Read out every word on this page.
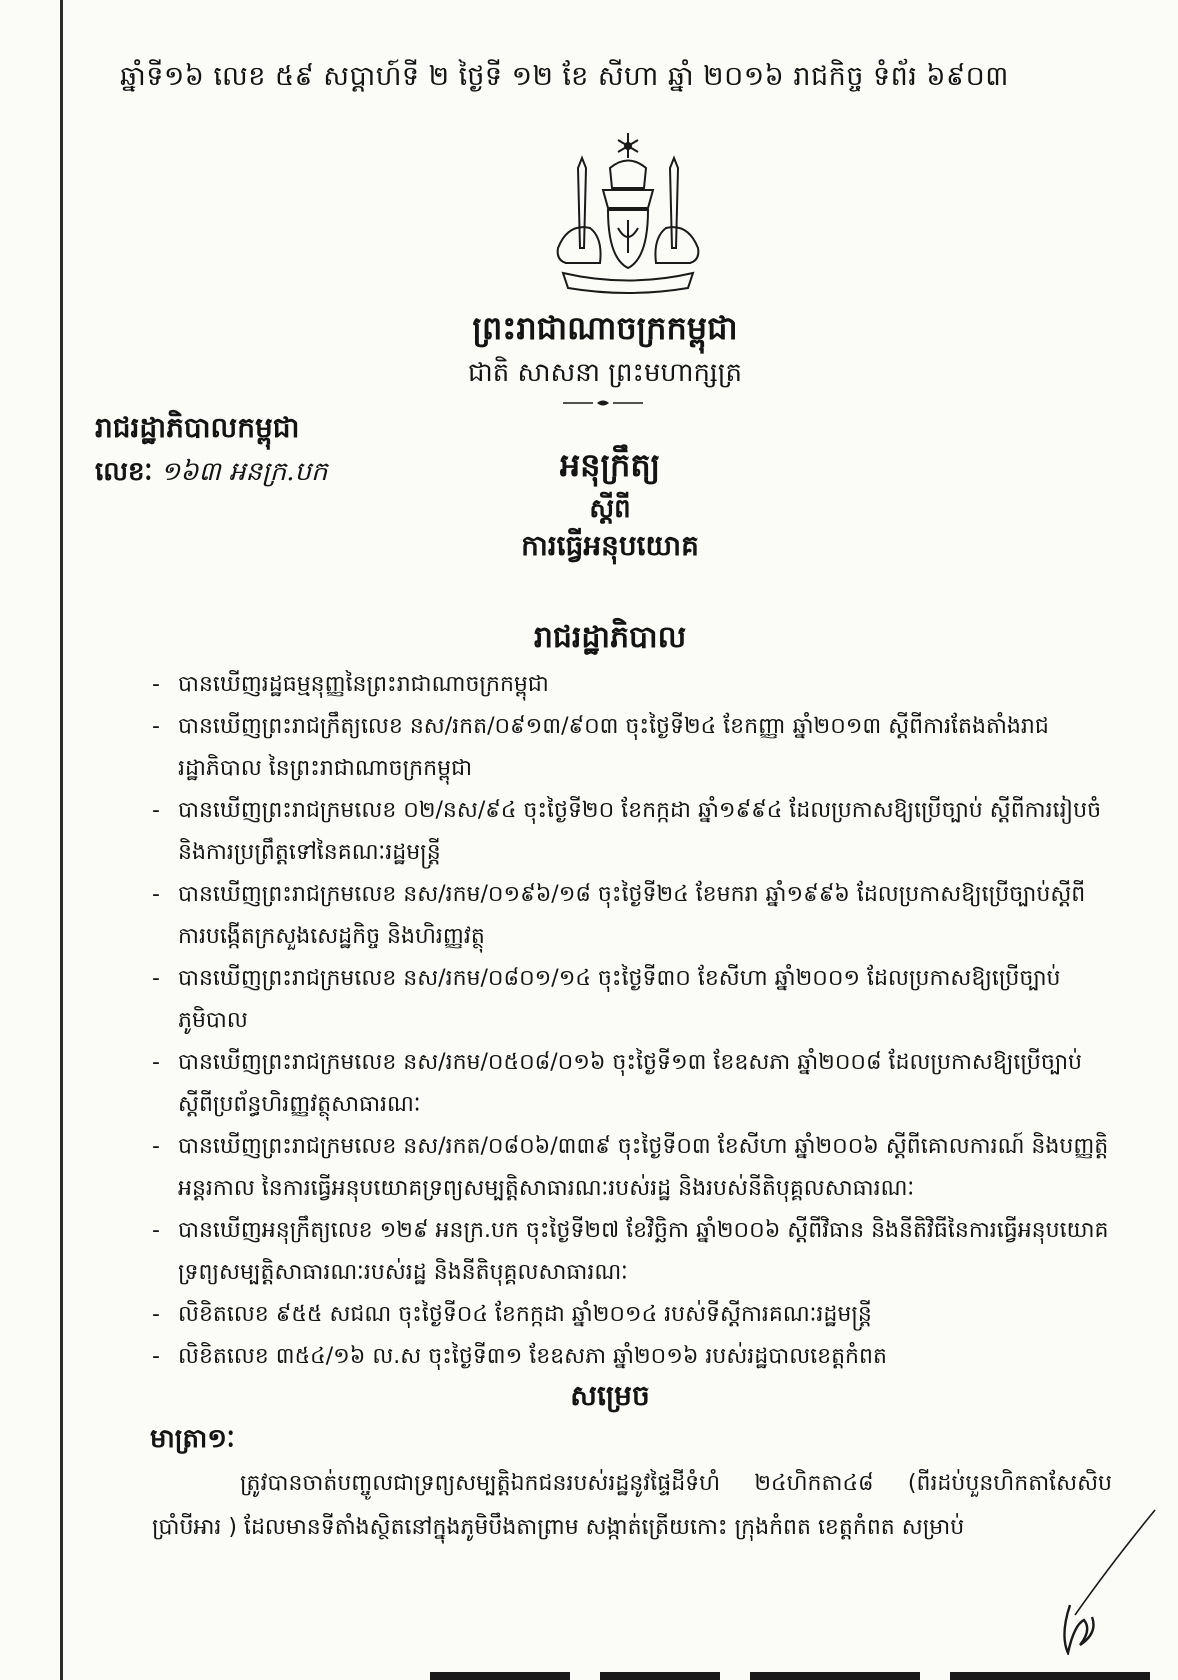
ឆ្នាំទី១៦ លេខ ៥៩ សប្តាហ៍ទី ២ ថ្ងៃទី ១២ ខែ សីហា ឆ្នាំ ២០១៦ រាជកិច្ច ទំព័រ ៦៩០៣
ព្រះរាជាណាចក្រកម្ពុជា
ជាតិ សាសនា ព្រះមហាក្សត្រ
រាជរដ្ឋាភិបាលកម្ពុជា
លេខៈ ១៦៣ អនក្រ.បក	អនុក្រឹត្យ
ស្តីពី
ការធ្វើអនុបយោគ
រាជរដ្ឋាភិបាល
- បានឃើញរដ្ឋធម្មនុញ្ញនៃព្រះរាជាណាចក្រកម្ពុជា
- បានឃើញព្រះរាជក្រឹត្យលេខ នស/រកត/០៩១៣/៩០៣ ចុះថ្ងៃទី២៤ ខែកញ្ញា ឆ្នាំ២០១៣ ស្តីពីការតែងតាំងរាជរដ្ឋាភិបាល នៃព្រះរាជាណាចក្រកម្ពុជា
- បានឃើញព្រះរាជក្រមលេខ ០២/នស/៩៤ ចុះថ្ងៃទី២០ ខែកក្កដា ឆ្នាំ១៩៩៤ ដែលប្រកាសឱ្យប្រើច្បាប់ ស្តីពីការរៀបចំ និងការប្រព្រឹត្តទៅនៃគណៈរដ្ឋមន្ត្រី
- បានឃើញព្រះរាជក្រមលេខ នស/រកម/០១៩៦/១៨ ចុះថ្ងៃទី២៤ ខែមករា ឆ្នាំ១៩៩៦ ដែលប្រកាសឱ្យប្រើច្បាប់ស្តីពីការបង្កើតក្រសួងសេដ្ឋកិច្ច និងហិរញ្ញវត្ថុ
- បានឃើញព្រះរាជក្រមលេខ នស/រកម/០៨០១/១៤ ចុះថ្ងៃទី៣០ ខែសីហា ឆ្នាំ២០០១ ដែលប្រកាសឱ្យប្រើច្បាប់ភូមិបាល
- បានឃើញព្រះរាជក្រមលេខ នស/រកម/០៥០៨/០១៦ ចុះថ្ងៃទី១៣ ខែឧសភា ឆ្នាំ២០០៨ ដែលប្រកាសឱ្យប្រើច្បាប់ស្តីពីប្រព័ន្ធហិរញ្ញវត្ថុសាធារណៈ
- បានឃើញព្រះរាជក្រមលេខ នស/រកត/០៨០៦/៣៣៩ ចុះថ្ងៃទី០៣ ខែសីហា ឆ្នាំ២០០៦ ស្តីពីគោលការណ៍ និងបញ្ញត្តិអន្តរកាល នៃការធ្វើអនុបយោគទ្រព្យសម្បត្តិសាធារណៈរបស់រដ្ឋ និងរបស់នីតិបុគ្គលសាធារណៈ
- បានឃើញអនុក្រឹត្យលេខ ១២៩ អនក្រ.បក ចុះថ្ងៃទី២៧ ខែវិច្ឆិកា ឆ្នាំ២០០៦ ស្តីពីវិធាន និងនីតិវិធីនៃការធ្វើអនុបយោគទ្រព្យសម្បត្តិសាធារណៈរបស់រដ្ឋ និងនីតិបុគ្គលសាធារណៈ
- លិខិតលេខ ៩៥៥ សជណ ចុះថ្ងៃទី០៤ ខែកក្កដា ឆ្នាំ២០១៤ របស់ទីស្តីការគណៈរដ្ឋមន្ត្រី
- លិខិតលេខ ៣៥៤/១៦ ល.ស ចុះថ្ងៃទី៣១ ខែឧសភា ឆ្នាំ២០១៦ របស់រដ្ឋបាលខេត្តកំពត
សម្រេច
មាត្រា១ៈ
ត្រូវបានចាត់បញ្ចូលជាទ្រព្យសម្បត្តិឯកជនរបស់រដ្ឋនូវផ្ទៃដីទំហំ ២៤ហិកតា៤៨ (ពីរដប់បួនហិកតាសែសិបប្រាំបីអារ ) ដែលមានទីតាំងស្ថិតនៅក្នុងភូមិបឹងតាព្រាម សង្កាត់ត្រើយកោះ ក្រុងកំពត ខេត្តកំពត សម្រាប់
